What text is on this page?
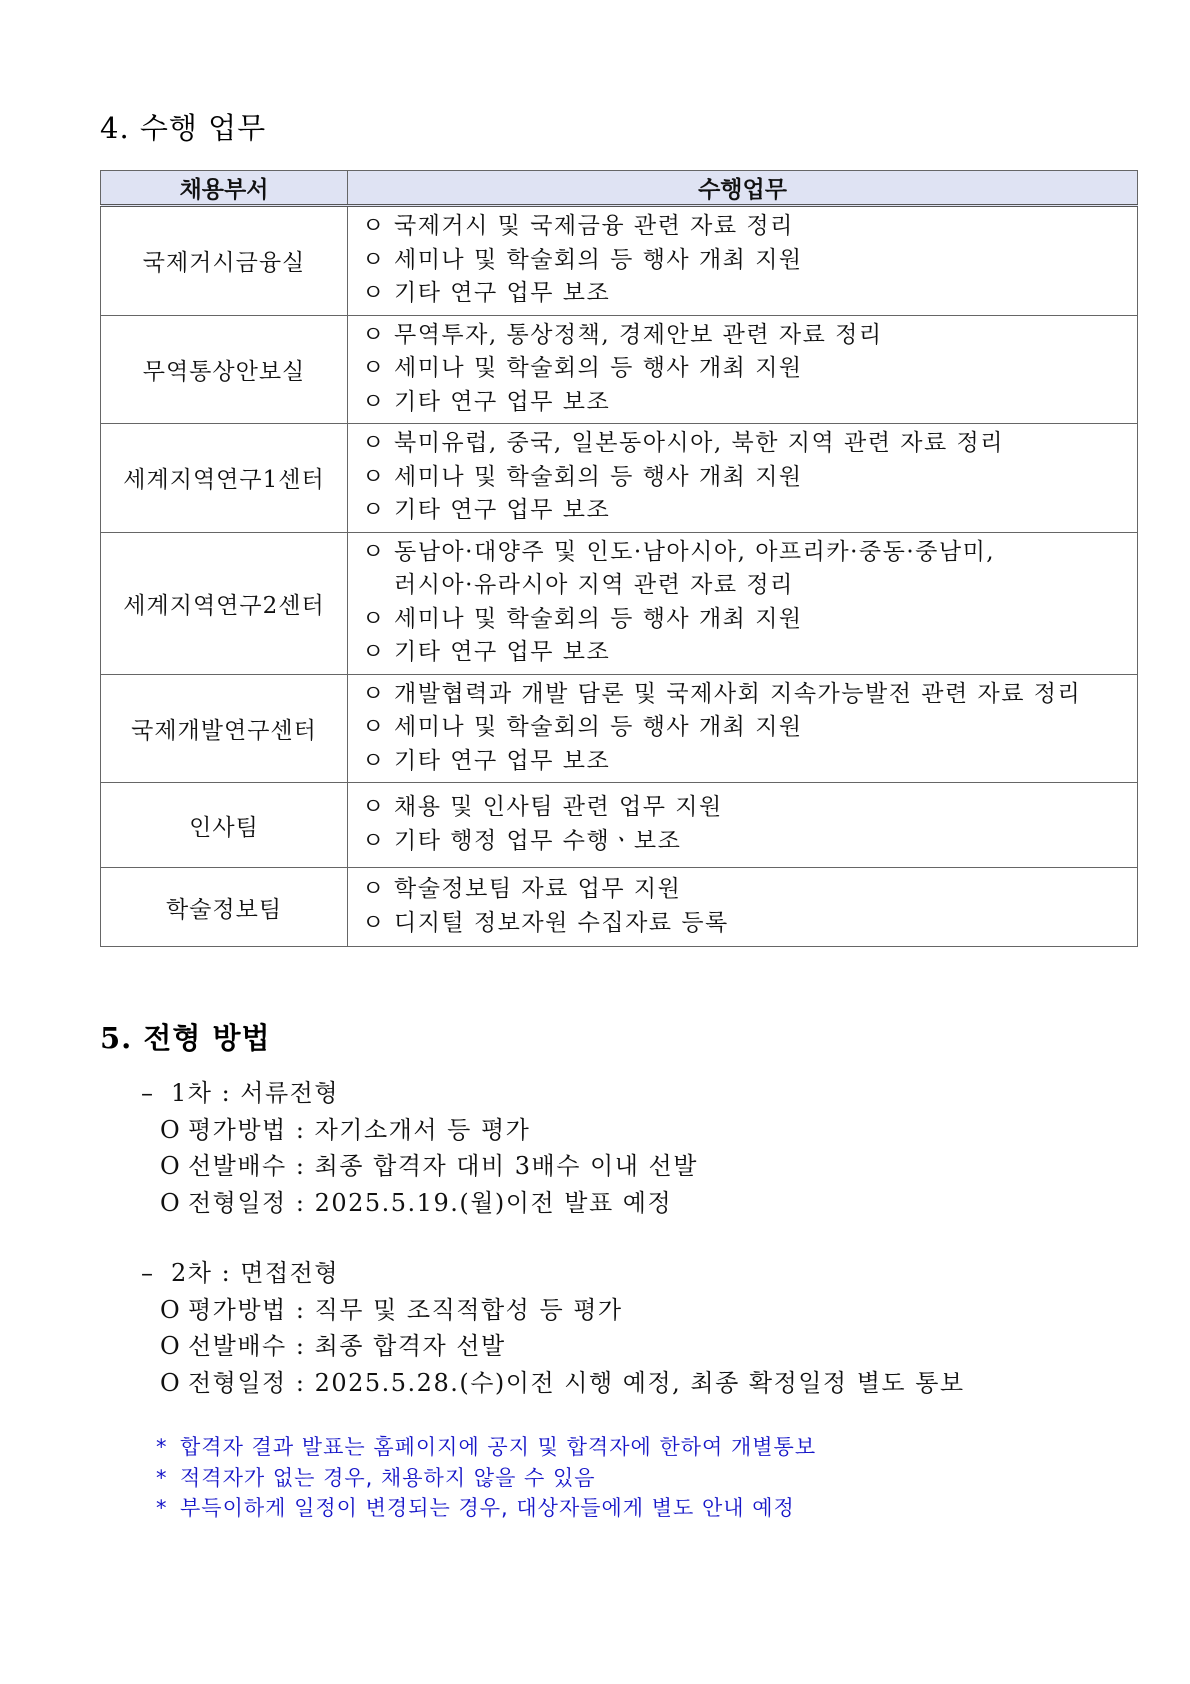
4. 수행 업무
채용부서	수행업무
국제거시금융실	ㅇ 국제거시 및 국제금융 관련 자료 정리
ㅇ 세미나 및 학술회의 등 행사 개최 지원
ㅇ 기타 연구 업무 보조

무역통상안보실	ㅇ 무역투자, 통상정책, 경제안보 관련 자료 정리
ㅇ 세미나 및 학술회의 등 행사 개최 지원
ㅇ 기타 연구 업무 보조

세계지역연구1센터	ㅇ 북미유럽, 중국, 일본동아시아, 북한 지역 관련 자료 정리
ㅇ 세미나 및 학술회의 등 행사 개최 지원
ㅇ 기타 연구 업무 보조

세계지역연구2센터	ㅇ 동남아·대양주 및 인도·남아시아, 아프리카·중동·중남미,
러시아·유라시아 지역 관련 자료 정리
ㅇ 세미나 및 학술회의 등 행사 개최 지원
ㅇ 기타 연구 업무 보조

국제개발연구센터	ㅇ 개발협력과 개발 담론 및 국제사회 지속가능발전 관련 자료 정리
ㅇ 세미나 및 학술회의 등 행사 개최 지원
ㅇ 기타 연구 업무 보조

인사팀	ㅇ 채용 및 인사팀 관련 업무 지원
ㅇ 기타 행정 업무 수행ㆍ보조

학술정보팀	ㅇ 학술정보팀 자료 업무 지원
ㅇ 디지털 정보자원 수집자료 등록
5. 전형 방법
– 1차 : 서류전형
O 평가방법 : 자기소개서 등 평가
O 선발배수 : 최종 합격자 대비 3배수 이내 선발
O 전형일정 : 2025.5.19.(월)이전 발표 예정
– 2차 : 면접전형
O 평가방법 : 직무 및 조직적합성 등 평가
O 선발배수 : 최종 합격자 선발
O 전형일정 : 2025.5.28.(수)이전 시행 예정, 최종 확정일정 별도 통보
* 합격자 결과 발표는 홈페이지에 공지 및 합격자에 한하여 개별통보
* 적격자가 없는 경우, 채용하지 않을 수 있음
* 부득이하게 일정이 변경되는 경우, 대상자들에게 별도 안내 예정
